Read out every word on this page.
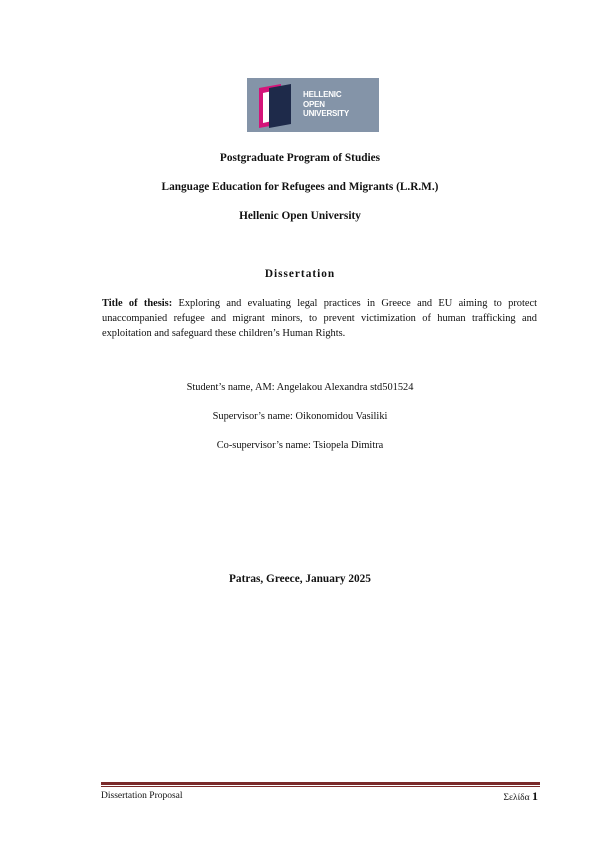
HELLENIC
OPEN
UNIVERSITY
Postgraduate Program of Studies
Language Education for Refugees and Migrants (L.R.M.)
Hellenic Open University
Dissertation
Title of thesis: Exploring and evaluating legal practices in Greece and EU aiming to protect unaccompanied refugee and migrant minors, to prevent victimization of human trafficking and exploitation and safeguard these children’s Human Rights.
Student’s name, AM: Angelakou Alexandra std501524
Supervisor’s name: Oikonomidou Vasiliki
Co-supervisor’s name: Tsiopela Dimitra
Patras, Greece, January 2025
Dissertation Proposal	Σελίδα 1
